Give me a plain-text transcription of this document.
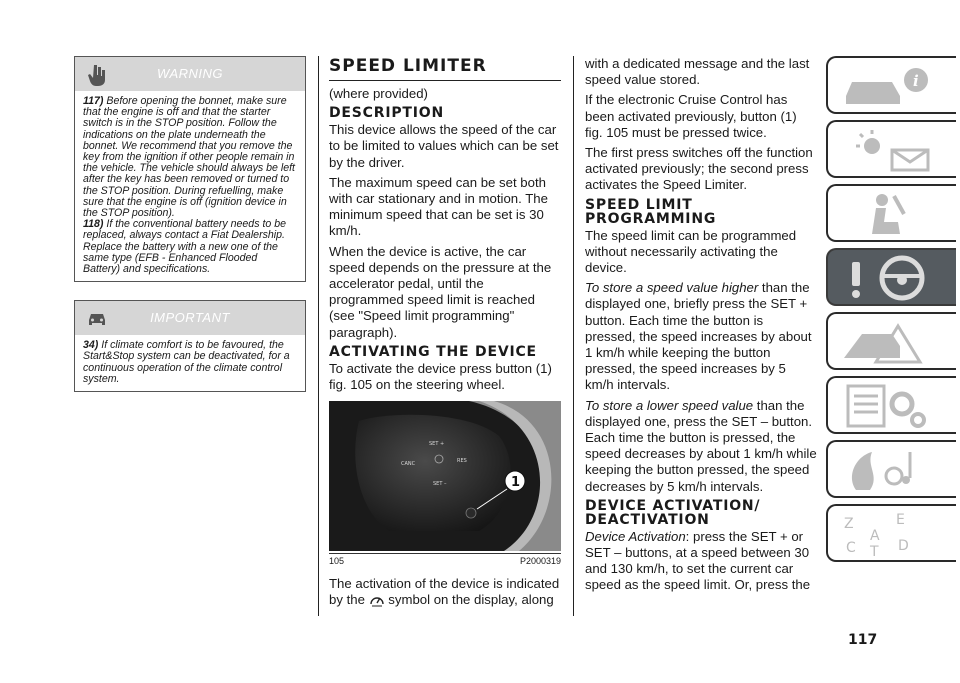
WARNING

117) Before opening the bonnet, make sure that the engine is off and that the starter switch is in the STOP position. Follow the indications on the plate underneath the bonnet. We recommend that you remove the key from the ignition if other people remain in the vehicle. The vehicle should always be left after the key has been removed or turned to the STOP position. During refuelling, make sure that the engine is off (ignition device in the STOP position).

118) If the conventional battery needs to be replaced, always contact a Fiat Dealership. Replace the battery with a new one of the same type (EFB - Enhanced Flooded Battery) and specifications.

IMPORTANT

34) If climate comfort is to be favoured, the Start&Stop system can be deactivated, for a continuous operation of the climate control system.

SPEED LIMITER

(where provided)

DESCRIPTION

This device allows the speed of the car to be limited to values which can be set by the driver.

The maximum speed can be set both with car stationary and in motion. The minimum speed that can be set is 30 km/h.

When the device is active, the car speed depends on the pressure at the accelerator pedal, until the programmed speed limit is reached (see "Speed limit programming" paragraph).

ACTIVATING THE DEVICE

To activate the device press button (1) fig. 105 on the steering wheel.

SET +
CANC	RES
SET –	1
105	P2000319

The activation of the device is indicated by the symbol on the display, along

with a dedicated message and the last speed value stored.

If the electronic Cruise Control has been activated previously, button (1) fig. 105 must be pressed twice.

The first press switches off the function activated previously; the second press activates the Speed Limiter.

SPEED LIMIT PROGRAMMING

The speed limit can be programmed without necessarily activating the device.

To store a speed value higher than the displayed one, briefly press the SET + button. Each time the button is pressed, the speed increases by about 1 km/h while keeping the button pressed, the speed increases by 5 km/h intervals.

To store a lower speed value than the displayed one, press the SET – button. Each time the button is pressed, the speed decreases by about 1 km/h while keeping the button pressed, the speed decreases by 5 km/h intervals.

DEVICE ACTIVATION/ DEACTIVATION

Device Activation: press the SET + or SET – buttons, at a speed between 30 and 130 km/h, to set the current car speed as the speed limit. Or, press the

i
Z	E
A
C T D
117
